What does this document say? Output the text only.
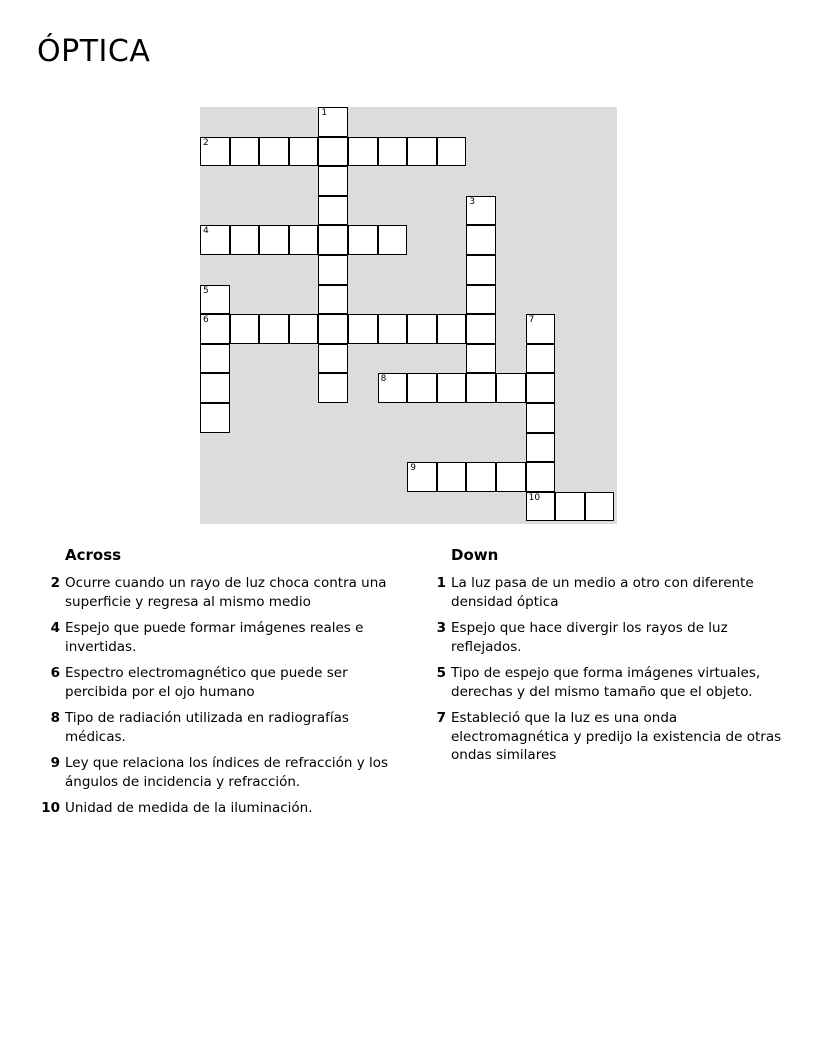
ÓPTICA
1
2
3
4
5
6	7
10
8
9
Across
2 Ocurre cuando un rayo de luz choca contra una superficie y regresa al mismo medio
4 Espejo que puede formar imágenes reales e invertidas.
6 Espectro electromagnético que puede ser percibida por el ojo humano
8 Tipo de radiación utilizada en radiografías médicas.
9 Ley que relaciona los índices de refracción y los ángulos de incidencia y refracción.
10 Unidad de medida de la iluminación.
Down
1 La luz pasa de un medio a otro con diferente densidad óptica
3 Espejo que hace divergir los rayos de luz reflejados.
5 Tipo de espejo que forma imágenes virtuales, derechas y del mismo tamaño que el objeto.
7 Estableció que la luz es una onda electromagnética y predijo la existencia de otras ondas similares
